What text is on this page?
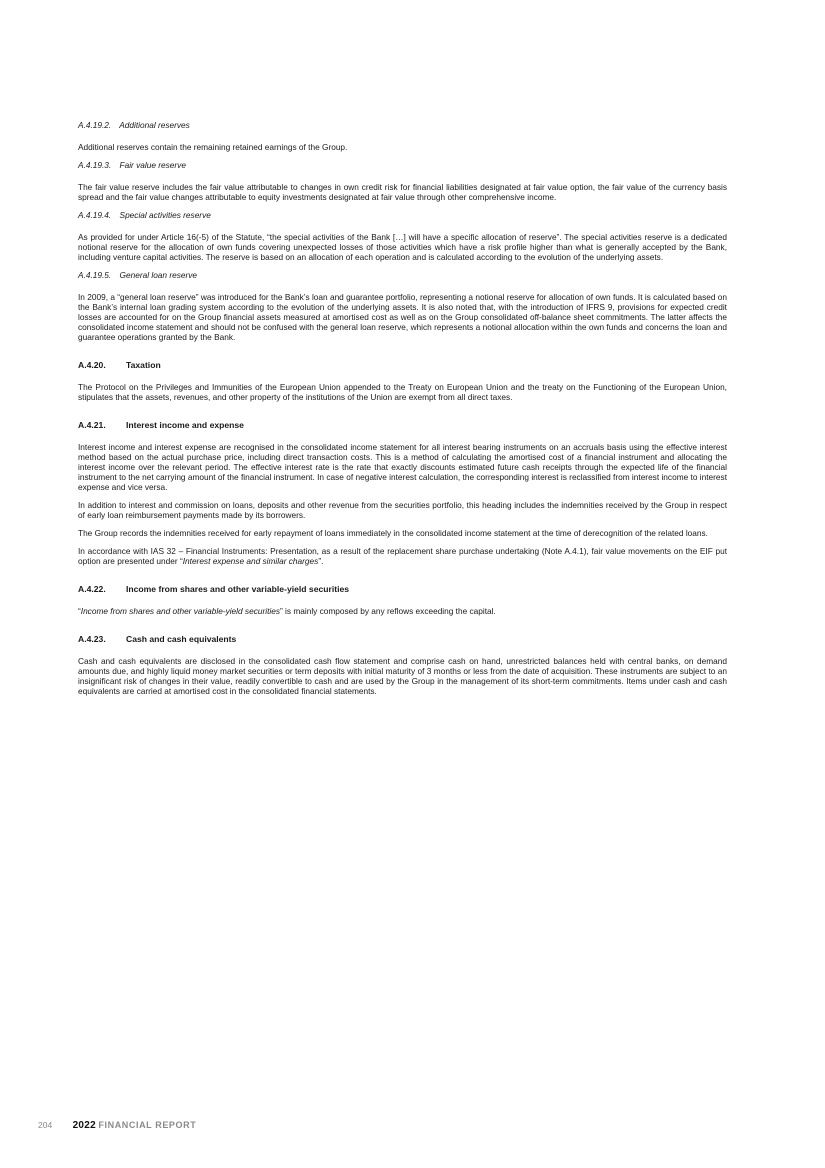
A.4.19.2. Additional reserves

Additional reserves contain the remaining retained earnings of the Group.

A.4.19.3. Fair value reserve

The fair value reserve includes the fair value attributable to changes in own credit risk for financial liabilities designated at fair value option, the fair value of the currency basis spread and the fair value changes attributable to equity investments designated at fair value through other comprehensive income.

A.4.19.4. Special activities reserve

As provided for under Article 16(-5) of the Statute, “the special activities of the Bank […] will have a specific allocation of reserve”. The special activities reserve is a dedicated notional reserve for the allocation of own funds covering unexpected losses of those activities which have a risk profile higher than what is generally accepted by the Bank, including venture capital activities. The reserve is based on an allocation of each operation and is calculated according to the evolution of the underlying assets.

A.4.19.5. General loan reserve

In 2009, a “general loan reserve” was introduced for the Bank’s loan and guarantee portfolio, representing a notional reserve for allocation of own funds. It is calculated based on the Bank’s internal loan grading system according to the evolution of the underlying assets. It is also noted that, with the introduction of IFRS 9, provisions for expected credit losses are accounted for on the Group financial assets measured at amortised cost as well as on the Group consolidated off-balance sheet commitments. The latter affects the consolidated income statement and should not be confused with the general loan reserve, which represents a notional allocation within the own funds and concerns the loan and guarantee operations granted by the Bank.

A.4.20. Taxation

The Protocol on the Privileges and Immunities of the European Union appended to the Treaty on European Union and the treaty on the Functioning of the European Union, stipulates that the assets, revenues, and other property of the institutions of the Union are exempt from all direct taxes.

A.4.21. Interest income and expense

Interest income and interest expense are recognised in the consolidated income statement for all interest bearing instruments on an accruals basis using the effective interest method based on the actual purchase price, including direct transaction costs. This is a method of calculating the amortised cost of a financial instrument and allocating the interest income over the relevant period. The effective interest rate is the rate that exactly discounts estimated future cash receipts through the expected life of the financial instrument to the net carrying amount of the financial instrument. In case of negative interest calculation, the corresponding interest is reclassified from interest income to interest expense and vice versa.

In addition to interest and commission on loans, deposits and other revenue from the securities portfolio, this heading includes the indemnities received by the Group in respect of early loan reimbursement payments made by its borrowers.

The Group records the indemnities received for early repayment of loans immediately in the consolidated income statement at the time of derecognition of the related loans.

In accordance with IAS 32 – Financial Instruments: Presentation, as a result of the replacement share purchase undertaking (Note A.4.1), fair value movements on the EIF put option are presented under “Interest expense and similar charges”.

A.4.22. Income from shares and other variable-yield securities

“Income from shares and other variable-yield securities” is mainly composed by any reflows exceeding the capital.

A.4.23. Cash and cash equivalents

Cash and cash equivalents are disclosed in the consolidated cash flow statement and comprise cash on hand, unrestricted balances held with central banks, on demand amounts due, and highly liquid money market securities or term deposits with initial maturity of 3 months or less from the date of acquisition. These instruments are subject to an insignificant risk of changes in their value, readily convertible to cash and are used by the Group in the management of its short-term commitments. Items under cash and cash equivalents are carried at amortised cost in the consolidated financial statements.

204 2022 FINANCIAL REPORT
